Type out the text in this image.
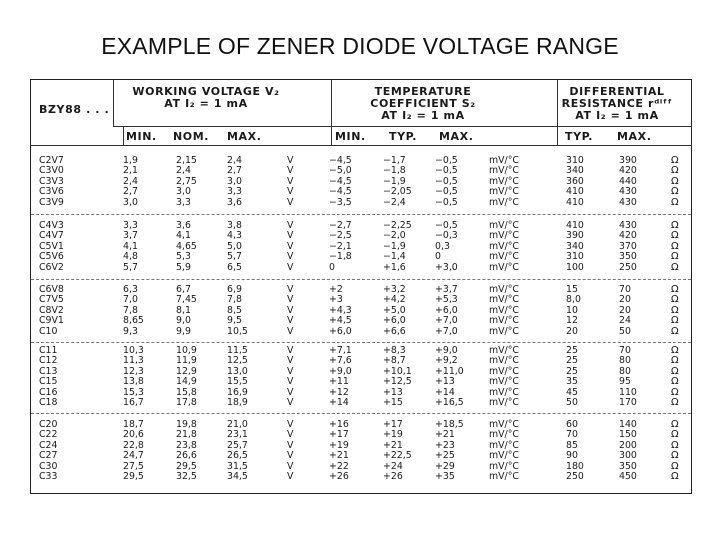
EXAMPLE OF ZENER DIODE VOLTAGE RANGE
BZY88 . . .
WORKING VOLTAGE V₂
AT I₂ = 1 mA
TEMPERATURE
COEFFICIENT S₂
AT I₂ = 1 mA
DIFFERENTIAL
RESISTANCE rᵈⁱᶠᶠ
AT I₂ = 1 mA
MIN. NOM. MAX.	MIN. TYP. MAX.	TYP. MAX.
C2V7	1,9	2,15	2,4	V	−4,5	−1,7	−0,5	mV/°C	310	390	Ω
C3V0	2,1	2,4	2,7	V	−5,0	−1,8	−0,5	mV/°C	340	420	Ω
C3V3	2,4	2,75	3,0	V	−4,5	−1,9	−0,5	mV/°C	360	440	Ω
C3V6	2,7	3,0	3,3	V	−4,5	−2,05	−0,5	mV/°C	410	430	Ω
C3V9	3,0	3,3	3,6	V	−3,5	−2,4	−0,5	mV/°C	410	430	Ω
C4V3	3,3	3,6	3,8	V	−2,7	−2,25	−0,5	mV/°C	410	430	Ω
C4V7	3,7	4,1	4,3	V	−2,5	−2,0	−0,3	mV/°C	390	420	Ω
C5V1	4,1	4,65	5,0	V	−2,1	−1,9	0,3	mV/°C	340	370	Ω
C5V6	4,8	5,3	5,7	V	−1,8	−1,4	0	mV/°C	310	350	Ω
C6V2	5,7	5,9	6,5	V	0	+1,6	+3,0	mV/°C	100	250	Ω
C6V8	6,3	6,7	6,9	V	+2	+3,2	+3,7	mV/°C	15	70	Ω
C7V5	7,0	7,45	7,8	V	+3	+4,2	+5,3	mV/°C	8,0	20	Ω
C8V2	7,8	8,1	8,5	V	+4,3	+5,0	+6,0	mV/°C	10	20	Ω
C9V1	8,65	9,0	9,5	V	+4,5	+6,0	+7,0	mV/°C	12	24	Ω
C10	9,3	9,9	10,5	V	+6,0	+6,6	+7,0	mV/°C	20	50	Ω
C11	10,3	10,9	11,5	V	+7,1	+8,3	+9,0	mV/°C	25	70	Ω
C12	11,3	11,9	12,5	V	+7,6	+8,7	+9,2	mV/°C	25	80	Ω
C13	12,3	12,9	13,0	V	+9,0	+10,1	+11,0	mV/°C	25	80	Ω
C15	13,8	14,9	15,5	V	+11	+12,5	+13	mV/°C	35	95	Ω
C16	15,3	15,8	16,9	V	+12	+13	+14	mV/°C	45	110	Ω
C18	16,7	17,8	18,9	V	+14	+15	+16,5	mV/°C	50	170	Ω
C20	18,7	19,8	21,0	V	+16	+17	+18,5	mV/°C	60	140	Ω
C22	20,6	21,8	23,1	V	+17	+19	+21	mV/°C	70	150	Ω
C24	22,8	23,8	25,7	V	+19	+21	+23	mV/°C	85	200	Ω
C27	24,7	26,6	26,5	V	+21	+22,5	+25	mV/°C	90	300	Ω
C30	27,5	29,5	31,5	V	+22	+24	+29	mV/°C	180	350	Ω
C33	29,5	32,5	34,5	V	+26	+26	+35	mV/°C	250	450	Ω
